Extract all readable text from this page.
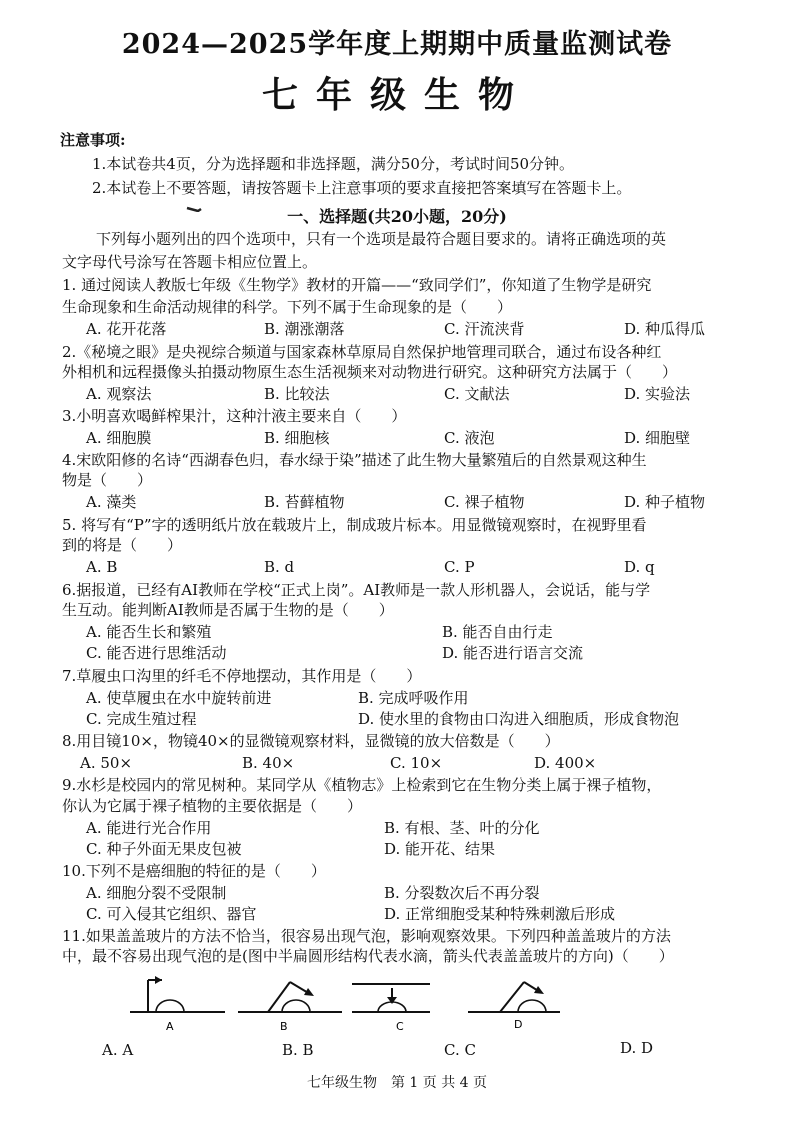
2024—2025学年度上期期中质量监测试卷
七年级生物
注意事项:
1.本试卷共4页，分为选择题和非选择题，满分50分，考试时间50分钟。
2.本试卷上不要答题，请按答题卡上注意事项的要求直接把答案填写在答题卡上。
一、选择题(共20小题，20分)
下列每小题列出的四个选项中，只有一个选项是最符合题目要求的。请将正确选项的英
文字母代号涂写在答题卡相应位置上。
1. 通过阅读人教版七年级《生物学》教材的开篇——“致同学们”，你知道了生物学是研究
生命现象和生命活动规律的科学。下列不属于生命现象的是（　　）
A. 花开花落	B. 潮涨潮落	C. 汗流浃背	D. 种瓜得瓜
2.《秘境之眼》是央视综合频道与国家森林草原局自然保护地管理司联合，通过布设各种红
外相机和远程摄像头拍摄动物原生态生活视频来对动物进行研究。这种研究方法属于（　　）
A. 观察法	B. 比较法	C. 文献法	D. 实验法
3.小明喜欢喝鲜榨果汁，这种汁液主要来自（　　）
A. 细胞膜	B. 细胞核	C. 液泡	D. 细胞壁
4.宋欧阳修的名诗“西湖春色归，春水绿于染”描述了此生物大量繁殖后的自然景观这种生
物是（　　）
A. 藻类	B. 苔藓植物	C. 裸子植物	D. 种子植物
5. 将写有“P”字的透明纸片放在载玻片上，制成玻片标本。用显微镜观察时，在视野里看
到的将是（　　）
A. B	B. d	C. P	D. q
6.据报道，已经有AI教师在学校“正式上岗”。AI教师是一款人形机器人，会说话，能与学
生互动。能判断AI教师是否属于生物的是（　　）
A. 能否生长和繁殖	B. 能否自由行走
C. 能否进行思维活动	D. 能否进行语言交流
7.草履虫口沟里的纤毛不停地摆动，其作用是（　　）
A. 使草履虫在水中旋转前进	B. 完成呼吸作用
C. 完成生殖过程	D. 使水里的食物由口沟进入细胞质，形成食物泡
8.用目镜10×，物镜40×的显微镜观察材料，显微镜的放大倍数是（　　）
A. 50×	B. 40×	C. 10×	D. 400×
9.水杉是校园内的常见树种。某同学从《植物志》上检索到它在生物分类上属于裸子植物，
你认为它属于裸子植物的主要依据是（　　）
A. 能进行光合作用	B. 有根、茎、叶的分化
C. 种子外面无果皮包被	D. 能开花、结果
10.下列不是癌细胞的特征的是（　　）
A. 细胞分裂不受限制	B. 分裂数次后不再分裂
C. 可入侵其它组织、器官	D. 正常细胞受某种特殊刺激后形成
11.如果盖盖玻片的方法不恰当，很容易出现气泡，影响观察效果。下列四种盖盖玻片的方法
中，最不容易出现气泡的是(图中半扁圆形结构代表水滴，箭头代表盖盖玻片的方向)（　　）
A	B	C	D
A. A	B. B	C. C	D. D
七年级生物　第 1 页 共 4 页
